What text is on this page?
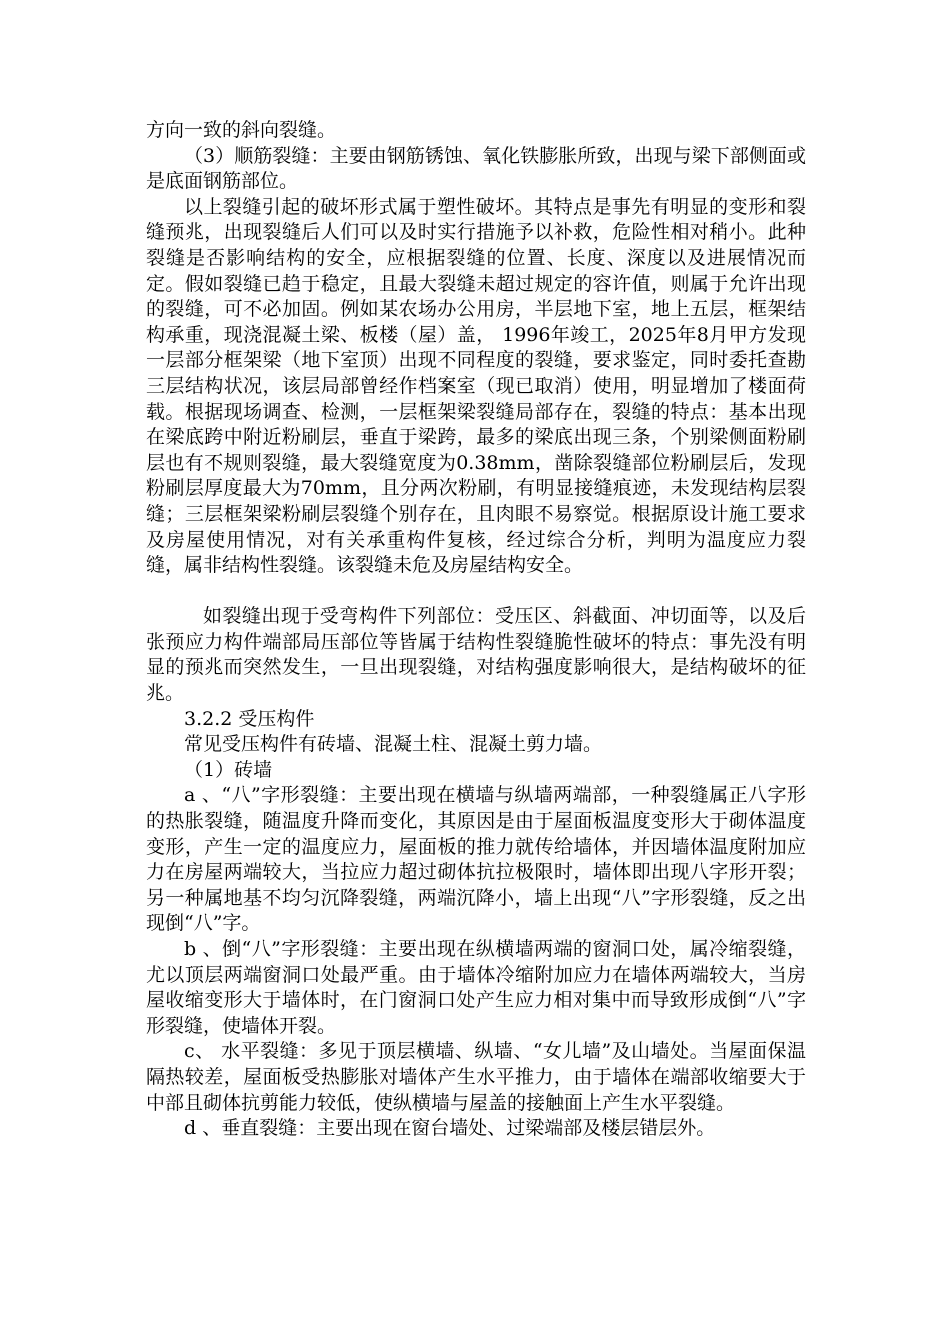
方向一致的斜向裂缝。

（3）顺筋裂缝：主要由钢筋锈蚀、氧化铁膨胀所致，出现与梁下部侧面或是底面钢筋部位。

以上裂缝引起的破坏形式属于塑性破坏。其特点是事先有明显的变形和裂缝预兆，出现裂缝后人们可以及时实行措施予以补救，危险性相对稍小。此种裂缝是否影响结构的安全，应根据裂缝的位置、长度、深度以及进展情况而定。假如裂缝已趋于稳定，且最大裂缝未超过规定的容许值，则属于允许出现的裂缝，可不必加固。例如某农场办公用房，半层地下室，地上五层，框架结构承重，现浇混凝土梁、板楼（屋）盖， 1996年竣工，2025年8月甲方发现一层部分框架梁（地下室顶）出现不同程度的裂缝，要求鉴定，同时委托查勘三层结构状况，该层局部曾经作档案室（现已取消）使用，明显增加了楼面荷载。根据现场调查、检测，一层框架梁裂缝局部存在，裂缝的特点：基本出现在梁底跨中附近粉刷层，垂直于梁跨，最多的梁底出现三条，个别梁侧面粉刷层也有不规则裂缝，最大裂缝宽度为0.38mm，凿除裂缝部位粉刷层后，发现粉刷层厚度最大为70mm，且分两次粉刷，有明显接缝痕迹，未发现结构层裂缝；三层框架梁粉刷层裂缝个别存在，且肉眼不易察觉。根据原设计施工要求及房屋使用情况，对有关承重构件复核，经过综合分析，判明为温度应力裂缝，属非结构性裂缝。该裂缝未危及房屋结构安全。

如裂缝出现于受弯构件下列部位：受压区、斜截面、冲切面等，以及后张预应力构件端部局压部位等皆属于结构性裂缝脆性破坏的特点：事先没有明显的预兆而突然发生，一旦出现裂缝，对结构强度影响很大，是结构破坏的征兆。

3.2.2 受压构件

常见受压构件有砖墙、混凝土柱、混凝土剪力墙。

（1）砖墙

a 、“八”字形裂缝：主要出现在横墙与纵墙两端部，一种裂缝属正八字形的热胀裂缝，随温度升降而变化，其原因是由于屋面板温度变形大于砌体温度变形，产生一定的温度应力，屋面板的推力就传给墙体，并因墙体温度附加应力在房屋两端较大，当拉应力超过砌体抗拉极限时，墙体即出现八字形开裂；另一种属地基不均匀沉降裂缝，两端沉降小，墙上出现“八”字形裂缝，反之出现倒“八”字。

b 、倒“八”字形裂缝：主要出现在纵横墙两端的窗洞口处，属冷缩裂缝，尤以顶层两端窗洞口处最严重。由于墙体冷缩附加应力在墙体两端较大，当房屋收缩变形大于墙体时，在门窗洞口处产生应力相对集中而导致形成倒“八”字形裂缝，使墙体开裂。

c、 水平裂缝：多见于顶层横墙、纵墙、“女儿墙”及山墙处。当屋面保温隔热较差，屋面板受热膨胀对墙体产生水平推力，由于墙体在端部收缩要大于中部且砌体抗剪能力较低，使纵横墙与屋盖的接触面上产生水平裂缝。

d 、垂直裂缝：主要出现在窗台墙处、过梁端部及楼层错层外。
